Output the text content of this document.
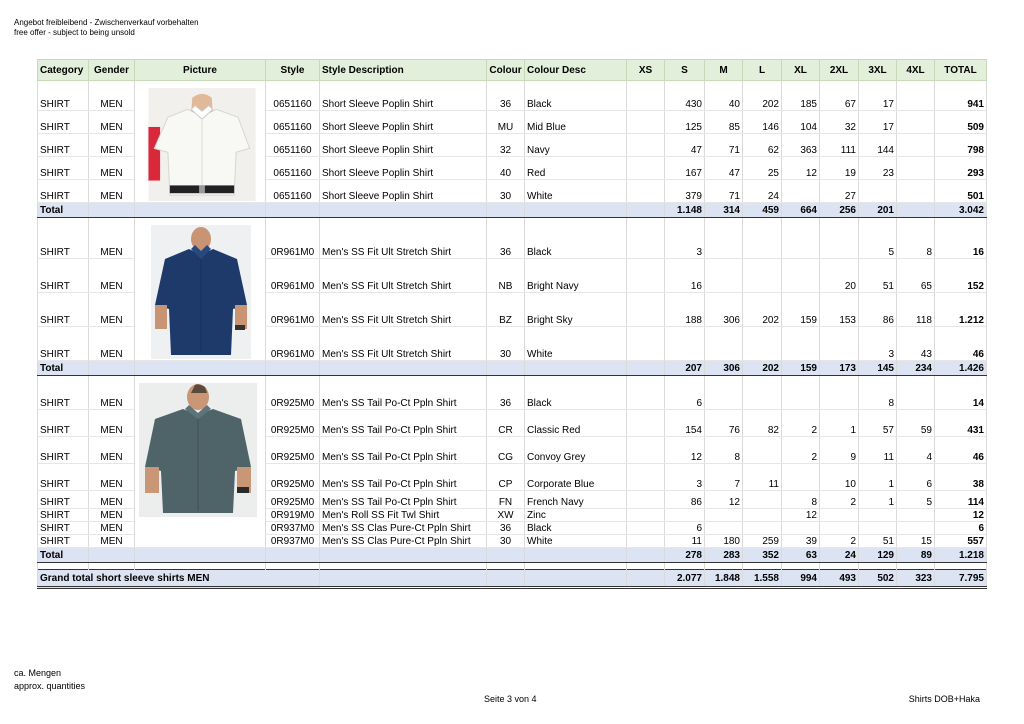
Angebot freibleibend - Zwischenverkauf vorbehalten
free offer - subject to being unsold
Category	Gender	Picture	Style	Style Description	Colour	Colour Desc	XS	S	M	L	XL	2XL	3XL	4XL	TOTAL

SHIRT	MEN		0651160	Short Sleeve Poplin Shirt	36	Black		430	40	202	185	67	17		941
SHIRT	MEN		0651160	Short Sleeve Poplin Shirt	MU	Mid Blue		125	85	146	104	32	17		509
SHIRT	MEN		0651160	Short Sleeve Poplin Shirt	32	Navy		47	71	62	363	111	144		798
SHIRT	MEN		0651160	Short Sleeve Poplin Shirt	40	Red		167	47	25	12	19	23		293
SHIRT	MEN		0651160	Short Sleeve Poplin Shirt	30	White		379	71	24		27			501
Total								1.148	314	459	664	256	201		3.042

SHIRT	MEN		0R961M0	Men's SS Fit Ult Stretch Shirt	36	Black		3					5	8	16
SHIRT	MEN		0R961M0	Men's SS Fit Ult Stretch Shirt	NB	Bright Navy		16				20	51	65	152
SHIRT	MEN		0R961M0	Men's SS Fit Ult Stretch Shirt	BZ	Bright Sky		188	306	202	159	153	86	118	1.212
SHIRT	MEN		0R961M0	Men's SS Fit Ult Stretch Shirt	30	White							3	43	46
Total								207	306	202	159	173	145	234	1.426

SHIRT	MEN		0R925M0	Men's SS Tail Po-Ct Ppln Shirt	36	Black		6					8		14
SHIRT	MEN		0R925M0	Men's SS Tail Po-Ct Ppln Shirt	CR	Classic Red		154	76	82	2	1	57	59	431
SHIRT	MEN		0R925M0	Men's SS Tail Po-Ct Ppln Shirt	CG	Convoy Grey		12	8		2	9	11	4	46
SHIRT	MEN		0R925M0	Men's SS Tail Po-Ct Ppln Shirt	CP	Corporate Blue		3	7	11		10	1	6	38
SHIRT	MEN		0R925M0	Men's SS Tail Po-Ct Ppln Shirt	FN	French Navy		86	12		8	2	1	5	114
SHIRT	MEN		0R919M0	Men's Roll SS Fit Twl Shirt	XW	Zinc					12				12
SHIRT	MEN		0R937M0	Men's SS Clas Pure-Ct Ppln Shirt	36	Black		6							6
SHIRT	MEN		0R937M0	Men's SS Clas Pure-Ct Ppln Shirt	30	White		11	180	259	39	2	51	15	557
Total								278	283	352	63	24	129	89	1.218

Grand total short sleeve shirts MEN								2.077	1.848	1.558	994	493	502	323	7.795
ca. Mengen
approx. quantities
Seite 3 von 4	Shirts DOB+Haka
